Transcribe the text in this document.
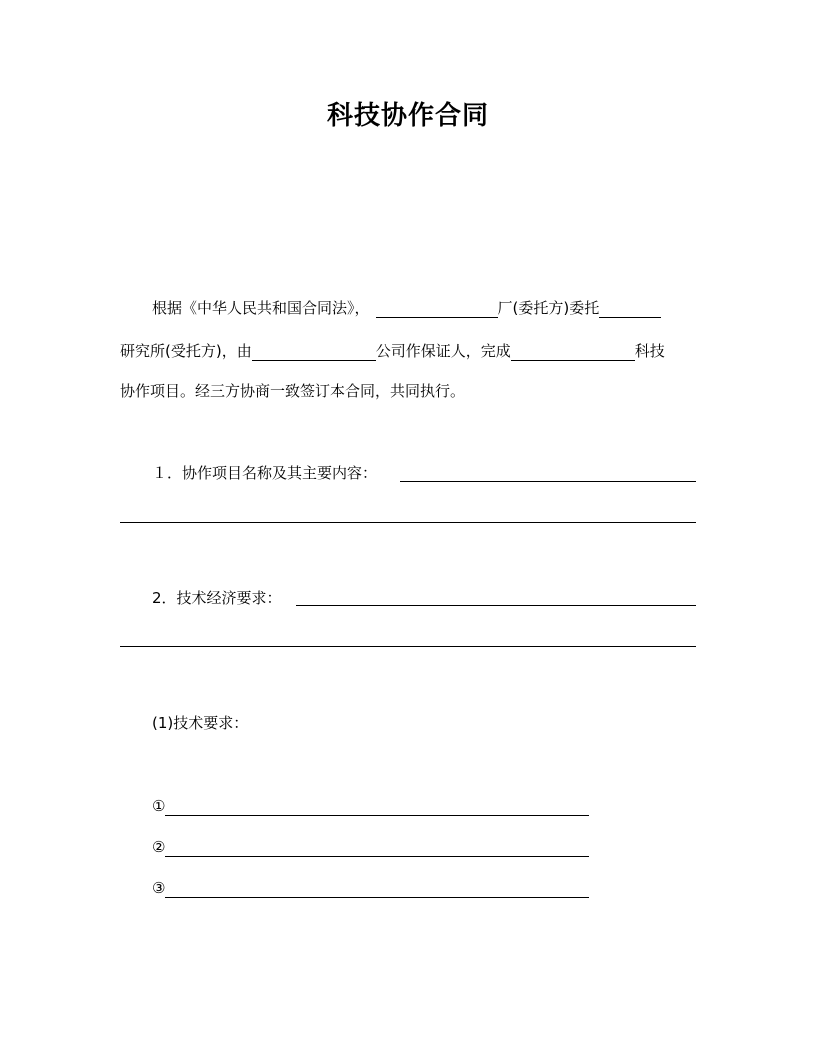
科技协作合同
根据《中华人民共和国合同法》，	厂(委托方)委托
研究所(受托方)，由	公司作保证人，完成	科技
协作项目。经三方协商一致签订本合同，共同执行。
１．协作项目名称及其主要内容：
2．技术经济要求：
(1)技术要求：
①
②
③
